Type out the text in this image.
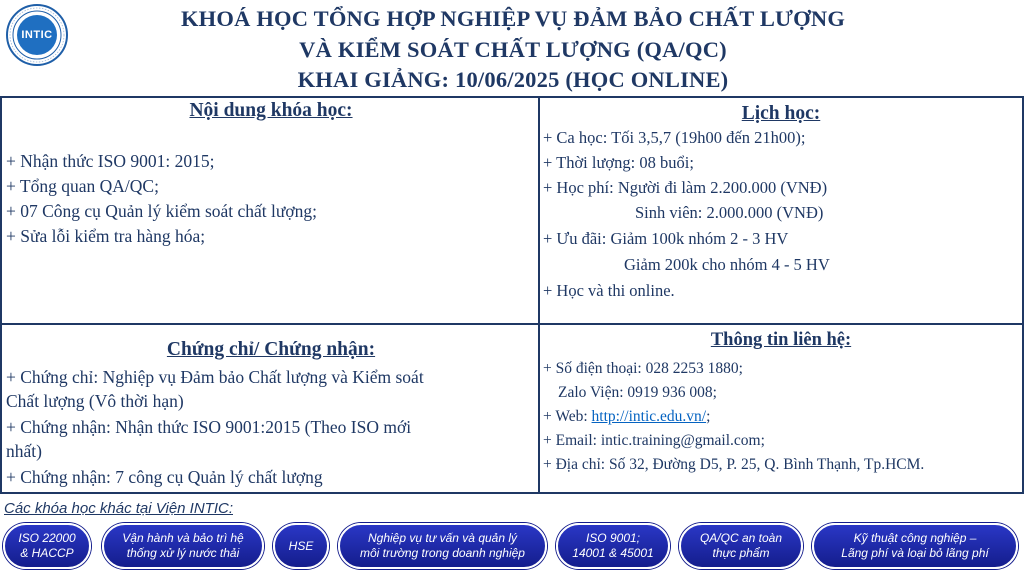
INTIC
KHOÁ HỌC TỔNG HỢP NGHIỆP VỤ ĐẢM BẢO CHẤT LƯỢNG
VÀ KIỂM SOÁT CHẤT LƯỢNG (QA/QC)
KHAI GIẢNG: 10/06/2025 (HỌC ONLINE)
Nội dung khóa học:
+ Nhận thức ISO 9001: 2015;
+ Tổng quan QA/QC;
+ 07 Công cụ Quản lý kiểm soát chất lượng;
+ Sửa lỗi kiểm tra hàng hóa;
Lịch học:
+ Ca học: Tối 3,5,7 (19h00 đến 21h00);
+ Thời lượng: 08 buổi;
+ Học phí: Người đi làm 2.200.000 (VNĐ)
Sinh viên: 2.000.000 (VNĐ)
+ Ưu đãi: Giảm 100k nhóm 2 - 3 HV
Giảm 200k cho nhóm 4 - 5 HV
+ Học và thi online.
Chứng chỉ/ Chứng nhận:
+ Chứng chỉ: Nghiệp vụ Đảm bảo Chất lượng và Kiểm soát
Chất lượng (Vô thời hạn)
+ Chứng nhận: Nhận thức ISO 9001:2015 (Theo ISO mới
nhất)
+ Chứng nhận: 7 công cụ Quản lý chất lượng
Thông tin liên hệ:
+ Số điện thoại: 028 2253 1880;
Zalo Viện: 0919 936 008;
+ Web: http://intic.edu.vn/;
+ Email: intic.training@gmail.com;
+ Địa chỉ: Số 32, Đường D5, P. 25, Q. Bình Thạnh, Tp.HCM.
Các khóa học khác tại Viện INTIC:
ISO 22000
& HACCP
Vận hành và bảo trì hệ
thống xử lý nước thải
HSE
Nghiệp vụ tư vấn và quản lý
môi trường trong doanh nghiệp
ISO 9001;
14001 & 45001
QA/QC an toàn
thực phẩm
Kỹ thuật công nghiệp –
Lãng phí và loại bỏ lãng phí
